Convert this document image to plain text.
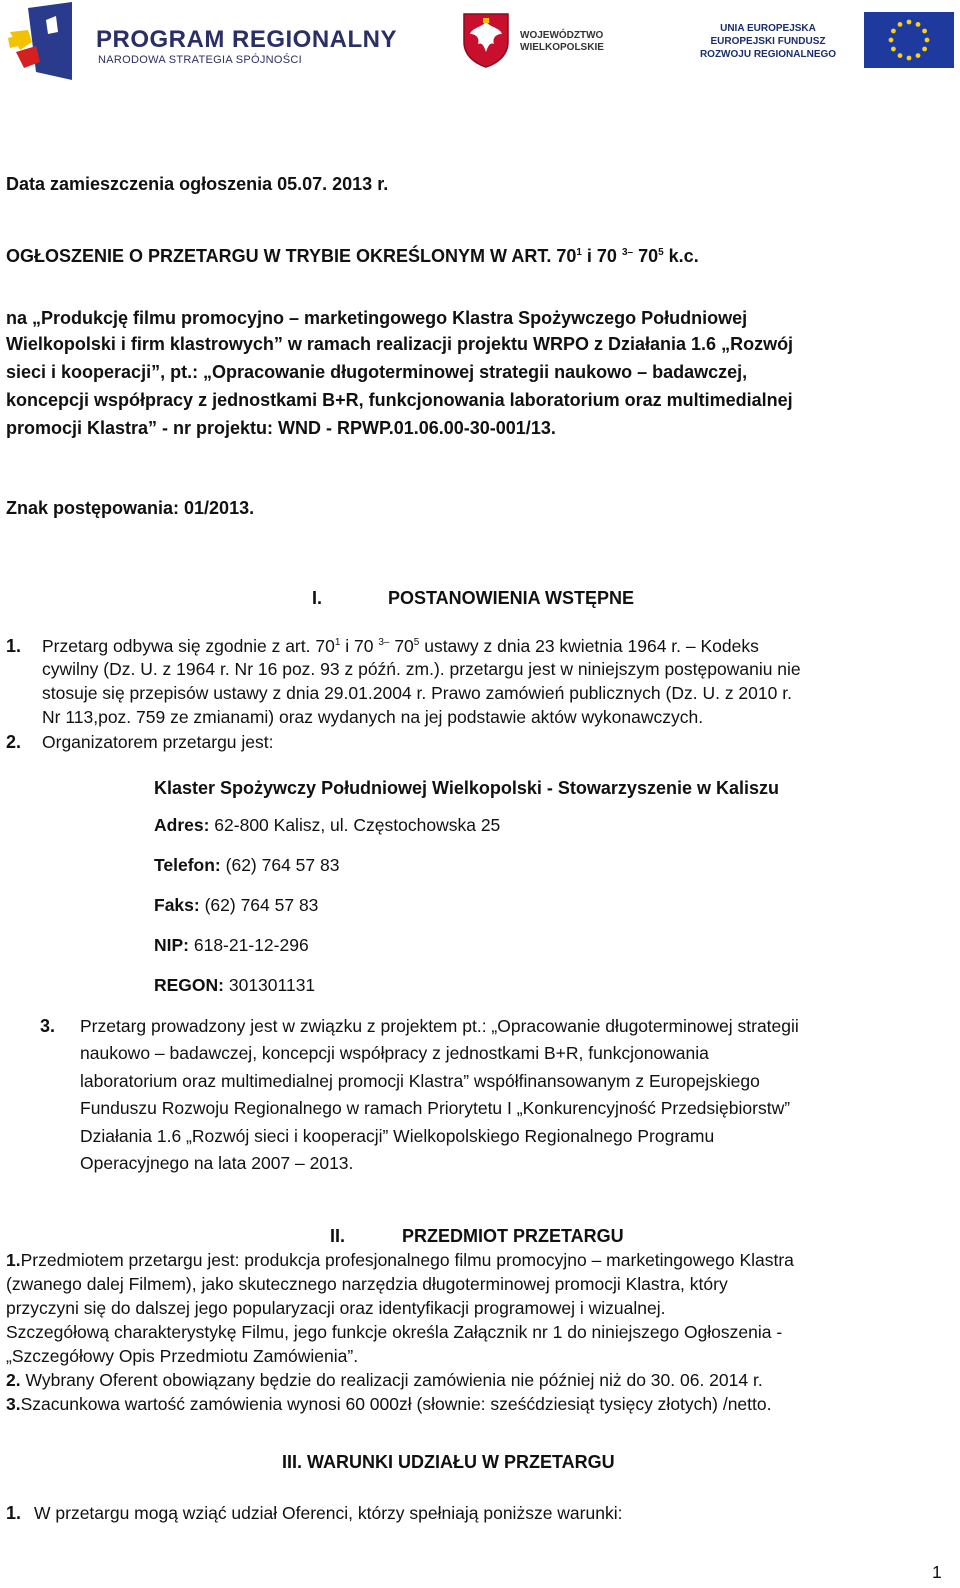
PROGRAM REGIONALNY
NARODOWA STRATEGIA SPÓJNOŚCI
WOJEWÓDZTWO
WIELKOPOLSKIE
UNIA EUROPEJSKA
EUROPEJSKI FUNDUSZ
ROZWOJU REGIONALNEGO
Data zamieszczenia ogłoszenia 05.07. 2013 r.
OGŁOSZENIE O PRZETARGU W TRYBIE OKREŚLONYM W ART. $70^1$ i 70 $^{3-}$ $70^5$ k.c.
na „Produkcję filmu promocyjno – marketingowego Klastra Spożywczego Południowej
Wielkopolski i firm klastrowych” w ramach realizacji projektu WRPO z Działania 1.6 „Rozwój
sieci i kooperacji”, pt.: „Opracowanie długoterminowej strategii naukowo – badawczej,
koncepcji współpracy z jednostkami B+R, funkcjonowania laboratorium oraz multimedialnej
promocji Klastra” - nr projektu: WND - RPWP.01.06.00-30-001/13.
Znak postępowania: 01/2013.
I.	POSTANOWIENIA WSTĘPNE
1. Przetarg odbywa się zgodnie z art. $70^1$ i 70 $^{3-}$ $70^5$ ustawy z dnia 23 kwietnia 1964 r. – Kodeks
cywilny (Dz. U. z 1964 r. Nr 16 poz. 93 z późń. zm.). przetargu jest w niniejszym postępowaniu nie
stosuje się przepisów ustawy z dnia 29.01.2004 r. Prawo zamówień publicznych (Dz. U. z 2010 r.
Nr 113,poz. 759 ze zmianami) oraz wydanych na jej podstawie aktów wykonawczych.
2. Organizatorem przetargu jest:
Klaster Spożywczy Południowej Wielkopolski - Stowarzyszenie w Kaliszu
Adres: 62-800 Kalisz, ul. Częstochowska 25
Telefon: (62) 764 57 83
Faks: (62) 764 57 83
NIP: 618-21-12-296
REGON: 301301131
3. Przetarg prowadzony jest w związku z projektem pt.: „Opracowanie długoterminowej strategii
naukowo – badawczej, koncepcji współpracy z jednostkami B+R, funkcjonowania
laboratorium oraz multimedialnej promocji Klastra” współfinansowanym z Europejskiego
Funduszu Rozwoju Regionalnego w ramach Priorytetu I „Konkurencyjność Przedsiębiorstw”
Działania 1.6 „Rozwój sieci i kooperacji” Wielkopolskiego Regionalnego Programu
Operacyjnego na lata 2007 – 2013.
II.	PRZEDMIOT PRZETARGU
1.Przedmiotem przetargu jest: produkcja profesjonalnego filmu promocyjno – marketingowego Klastra
(zwanego dalej Filmem), jako skutecznego narzędzia długoterminowej promocji Klastra, który
przyczyni się do dalszej jego popularyzacji oraz identyfikacji programowej i wizualnej.
Szczegółową charakterystykę Filmu, jego funkcje określa Załącznik nr 1 do niniejszego Ogłoszenia -
„Szczegółowy Opis Przedmiotu Zamówienia”.
2. Wybrany Oferent obowiązany będzie do realizacji zamówienia nie później niż do 30. 06. 2014 r.
3.Szacunkowa wartość zamówienia wynosi 60 000zł (słownie: sześćdziesiąt tysięcy złotych) /netto.
III. WARUNKI UDZIAŁU W PRZETARGU
1. W przetargu mogą wziąć udział Oferenci, którzy spełniają poniższe warunki:
1
